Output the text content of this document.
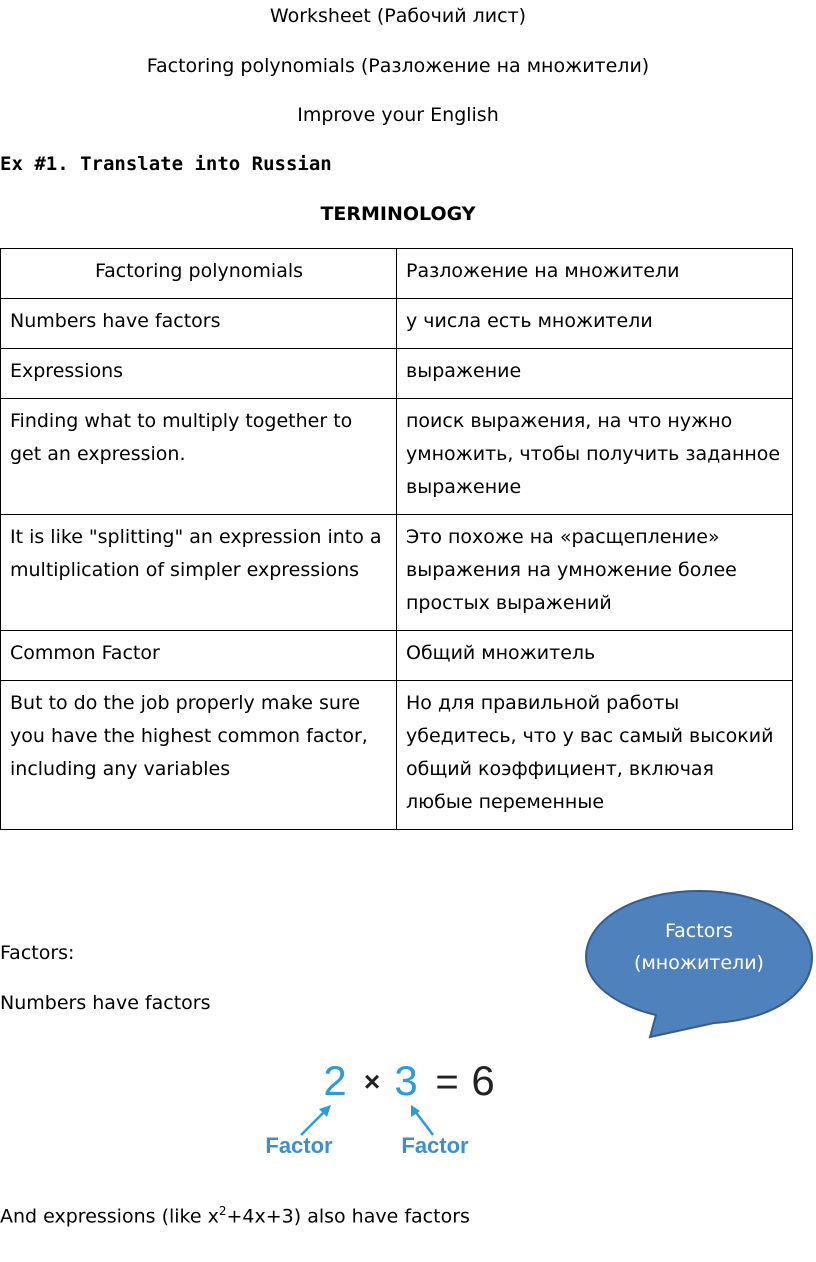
Worksheet (Рабочий лист)
Factoring polynomials (Разложение на множители)
Improve your English
Ex #1. Translate into Russian
TERMINOLOGY
Factoring polynomials	Разложение на множители
Numbers have factors	у числа есть множители
Expressions	выражение
Finding what to multiply together to get an expression.	поиск выражения, на что нужно умножить, чтобы получить заданное выражение
It is like "splitting" an expression into a multiplication of simpler expressions	Это похоже на «расщепление» выражения на умножение более простых выражений
Common Factor	Общий множитель
But to do the job properly make sure you have the highest common factor, including any variables	Но для правильной работы убедитесь, что у вас самый высокий общий коэффициент, включая любые переменные
Factors
(множители)
Factors:
Numbers have factors
2 × 3 = 6
Factor	Factor
And expressions (like $x^2+4x+3$) also have factors
